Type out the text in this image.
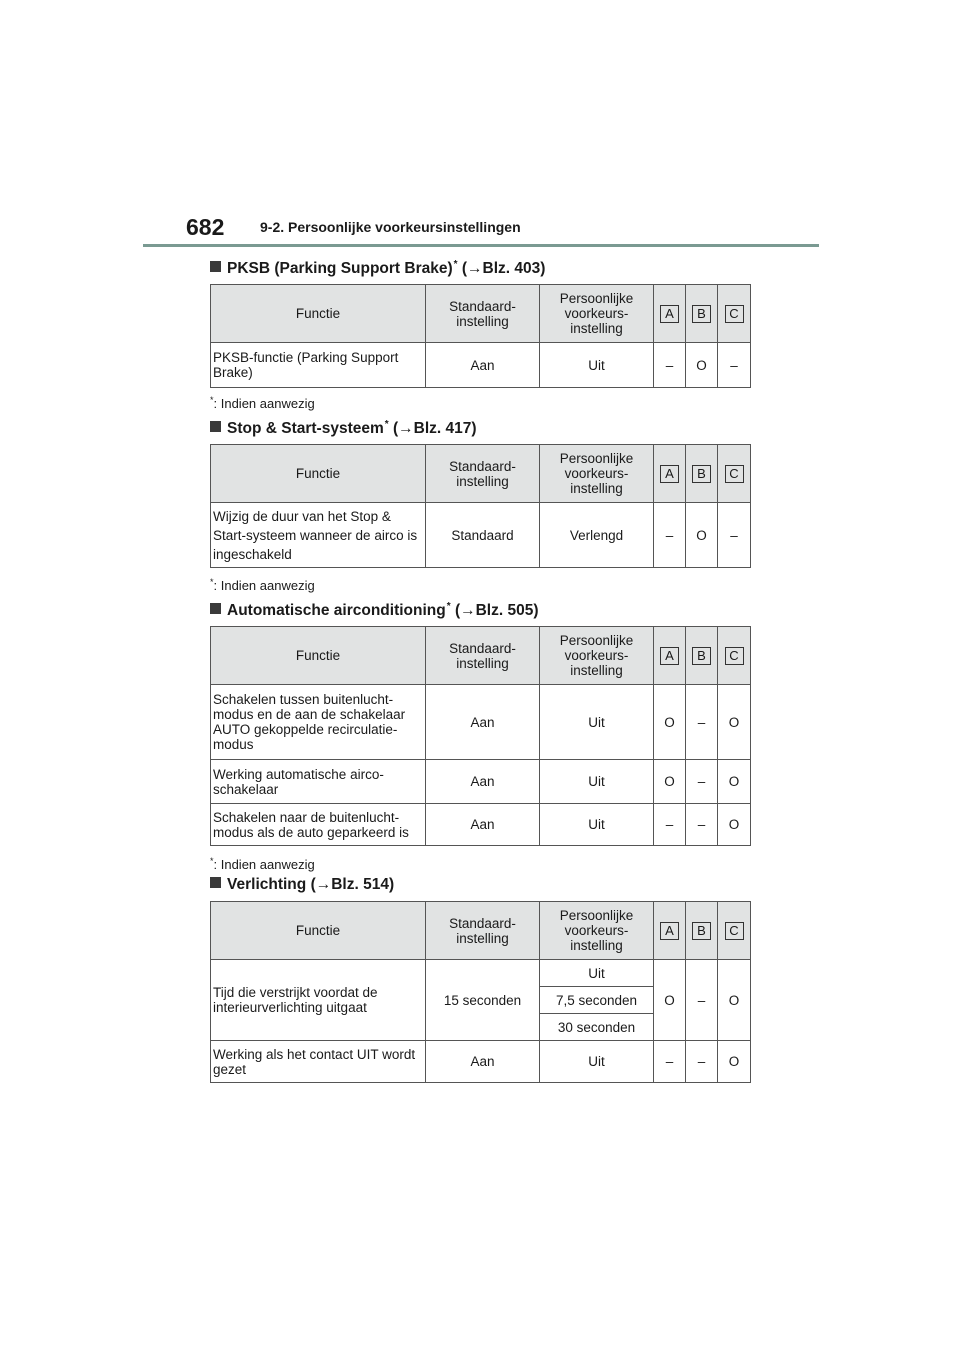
682	9-2. Persoonlijke voorkeursinstellingen
PKSB (Parking Support Brake)* (→Blz. 403)
Functie	Standaard-instelling	Persoonlijke voorkeurs-instelling	A	B	C
PKSB-functie (Parking Support Brake)	Aan	Uit	–	O	–
*: Indien aanwezig
Stop & Start-systeem* (→Blz. 417)
Functie	Standaard-instelling	Persoonlijke voorkeurs-instelling	A	B	C
Wijzig de duur van het Stop & Start-systeem wanneer de airco is ingeschakeld	Standaard	Verlengd	–	O	–
*: Indien aanwezig
Automatische airconditioning* (→Blz. 505)
Functie	Standaard-instelling	Persoonlijke voorkeurs-instelling	A	B	C
Schakelen tussen buitenlucht-modus en de aan de schakelaar AUTO gekoppelde recirculatie-modus	Aan	Uit	O	–	O
Werking automatische airco-schakelaar	Aan	Uit	O	–	O
Schakelen naar de buitenlucht-modus als de auto geparkeerd is	Aan	Uit	–	–	O
*: Indien aanwezig
Verlichting (→Blz. 514)
Functie	Standaard-instelling	Persoonlijke voorkeurs-instelling	A	B	C
Tijd die verstrijkt voordat de interieurverlichting uitgaat	15 seconden	Uit	O	–	O
		7,5 seconden			
		30 seconden			
Werking als het contact UIT wordt gezet	Aan	Uit	–	–	O
